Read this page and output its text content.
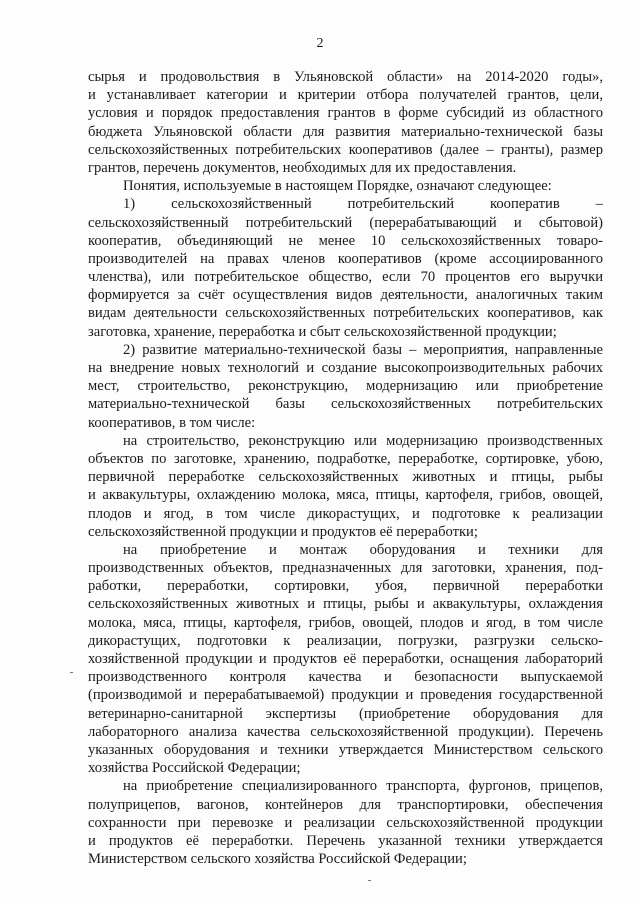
2
сырья и продовольствия в Ульяновской области» на 2014-2020 годы»,
и устанавливает категории и критерии отбора получателей грантов, цели,
условия и порядок предоставления грантов в форме субсидий из областного
бюджета Ульяновской области для развития материально-технической базы
сельскохозяйственных потребительских кооперативов (далее – гранты), размер
грантов, перечень документов, необходимых для их предоставления.
Понятия, используемые в настоящем Порядке, означают следующее:
1) сельскохозяйственный потребительский кооператив –
сельскохозяйственный потребительский (перерабатывающий и сбытовой)
кооператив, объединяющий не менее 10 сельскохозяйственных товаро-
производителей на правах членов кооперативов (кроме ассоциированного
членства), или потребительское общество, если 70 процентов его выручки
формируется за счёт осуществления видов деятельности, аналогичных таким
видам деятельности сельскохозяйственных потребительских кооперативов, как
заготовка, хранение, переработка и сбыт сельскохозяйственной продукции;
2) развитие материально-технической базы – мероприятия, направленные
на внедрение новых технологий и создание высокопроизводительных рабочих
мест, строительство, реконструкцию, модернизацию или приобретение
материально-технической базы сельскохозяйственных потребительских
кооперативов, в том числе:
на строительство, реконструкцию или модернизацию производственных
объектов по заготовке, хранению, подработке, переработке, сортировке, убою,
первичной переработке сельскохозяйственных животных и птицы, рыбы
и аквакультуры, охлаждению молока, мяса, птицы, картофеля, грибов, овощей,
плодов и ягод, в том числе дикорастущих, и подготовке к реализации
сельскохозяйственной продукции и продуктов её переработки;
на приобретение и монтаж оборудования и техники для
производственных объектов, предназначенных для заготовки, хранения, под-
работки, переработки, сортировки, убоя, первичной переработки
сельскохозяйственных животных и птицы, рыбы и аквакультуры, охлаждения
молока, мяса, птицы, картофеля, грибов, овощей, плодов и ягод, в том числе
дикорастущих, подготовки к реализации, погрузки, разгрузки сельско-
хозяйственной продукции и продуктов её переработки, оснащения лабораторий
производственного контроля качества и безопасности выпускаемой
(производимой и перерабатываемой) продукции и проведения государственной
ветеринарно-санитарной экспертизы (приобретение оборудования для
лабораторного анализа качества сельскохозяйственной продукции). Перечень
указанных оборудования и техники утверждается Министерством сельского
хозяйства Российской Федерации;
на приобретение специализированного транспорта, фургонов, прицепов,
полуприцепов, вагонов, контейнеров для транспортировки, обеспечения
сохранности при перевозке и реализации сельскохозяйственной продукции
и продуктов её переработки. Перечень указанной техники утверждается
Министерством сельского хозяйства Российской Федерации;
